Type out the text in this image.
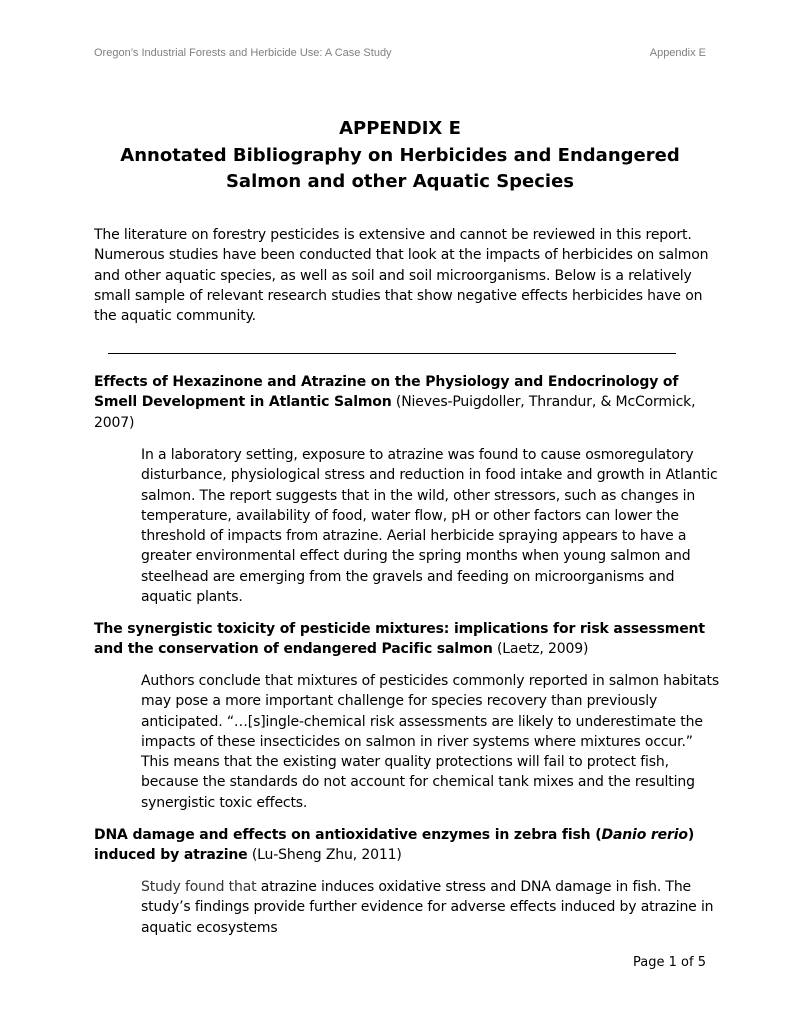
Oregon’s Industrial Forests and Herbicide Use: A Case Study	Appendix E
APPENDIX E
Annotated Bibliography on Herbicides and Endangered
Salmon and other Aquatic Species

The literature on forestry pesticides is extensive and cannot be reviewed in this report. Numerous studies have been conducted that look at the impacts of herbicides on salmon and other aquatic species, as well as soil and soil microorganisms. Below is a relatively small sample of relevant research studies that show negative effects herbicides have on the aquatic community.

Effects of Hexazinone and Atrazine on the Physiology and Endocrinology of Smell Development in Atlantic Salmon (Nieves-Puigdoller, Thrandur, & McCormick, 2007)
In a laboratory setting, exposure to atrazine was found to cause osmoregulatory disturbance, physiological stress and reduction in food intake and growth in Atlantic salmon. The report suggests that in the wild, other stressors, such as changes in temperature, availability of food, water flow, pH or other factors can lower the threshold of impacts from atrazine. Aerial herbicide spraying appears to have a greater environmental effect during the spring months when young salmon and steelhead are emerging from the gravels and feeding on microorganisms and aquatic plants.
The synergistic toxicity of pesticide mixtures: implications for risk assessment and the conservation of endangered Pacific salmon (Laetz, 2009)
Authors conclude that mixtures of pesticides commonly reported in salmon habitats may pose a more important challenge for species recovery than previously anticipated. “…[s]ingle-chemical risk assessments are likely to underestimate the impacts of these insecticides on salmon in river systems where mixtures occur.” This means that the existing water quality protections will fail to protect fish, because the standards do not account for chemical tank mixes and the resulting synergistic toxic effects.
DNA damage and effects on antioxidative enzymes in zebra fish (Danio rerio) induced by atrazine (Lu-Sheng Zhu, 2011)
Study found that atrazine induces oxidative stress and DNA damage in fish. The study’s findings provide further evidence for adverse effects induced by atrazine in aquatic ecosystems
Page 1 of 5
